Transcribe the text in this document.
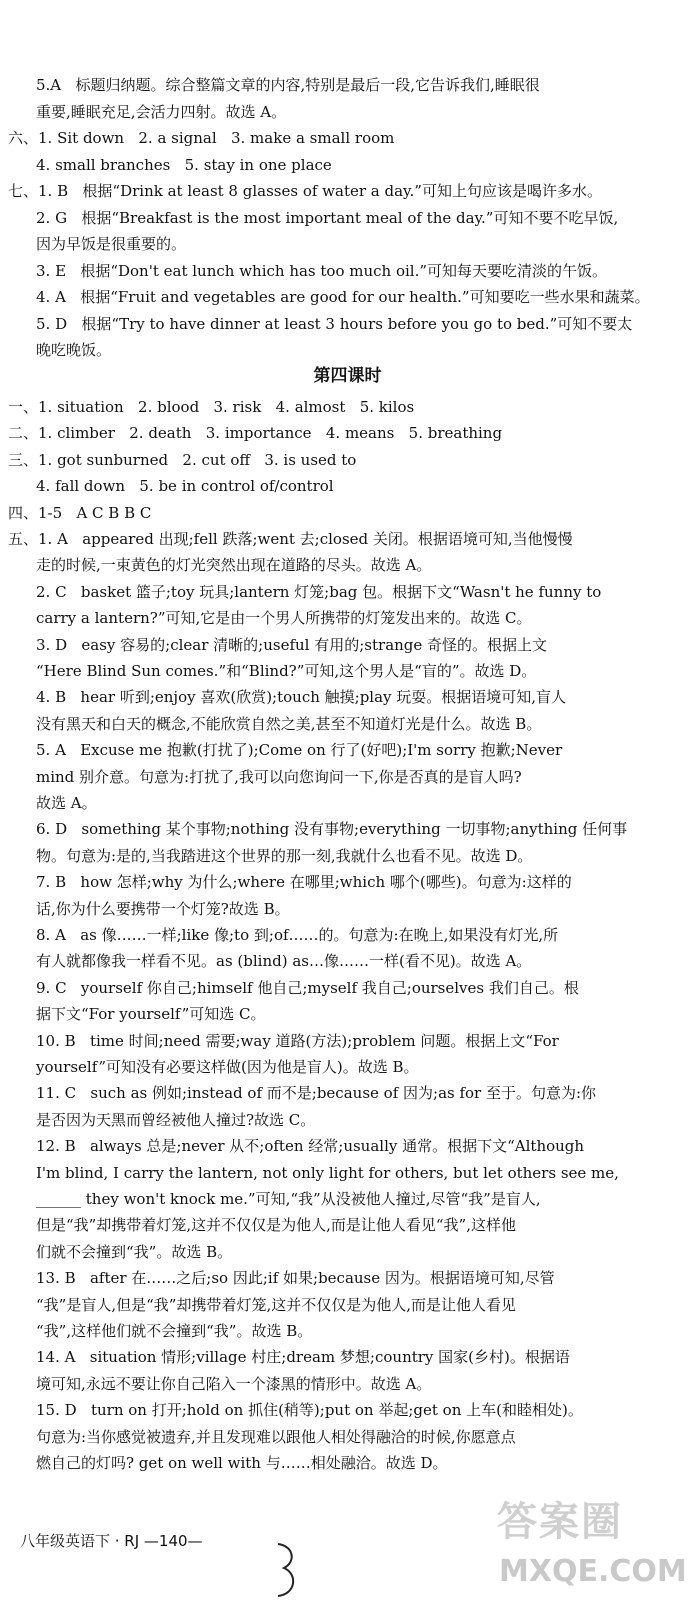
5.A   标题归纳题。综合整篇文章的内容,特别是最后一段,它告诉我们,睡眠很
重要,睡眠充足,会活力四射。故选 A。
六、1. Sit down   2. a signal   3. make a small room
4. small branches   5. stay in one place
七、1. B   根据“Drink at least 8 glasses of water a day.”可知上句应该是喝许多水。
2. G   根据“Breakfast is the most important meal of the day.”可知不要不吃早饭,
因为早饭是很重要的。
3. E   根据“Don't eat lunch which has too much oil.”可知每天要吃清淡的午饭。
4. A   根据“Fruit and vegetables are good for our health.”可知要吃一些水果和蔬菜。
5. D   根据“Try to have dinner at least 3 hours before you go to bed.”可知不要太
晚吃晚饭。
第四课时
一、1. situation   2. blood   3. risk   4. almost   5. kilos
二、1. climber   2. death   3. importance   4. means   5. breathing
三、1. got sunburned   2. cut off   3. is used to
4. fall down   5. be in control of/control
四、1-5   A C B B C
五、1. A   appeared 出现;fell 跌落;went 去;closed 关闭。根据语境可知,当他慢慢
走的时候,一束黄色的灯光突然出现在道路的尽头。故选 A。
2. C   basket 篮子;toy 玩具;lantern 灯笼;bag 包。根据下文“Wasn't he funny to
carry a lantern?”可知,它是由一个男人所携带的灯笼发出来的。故选 C。
3. D   easy 容易的;clear 清晰的;useful 有用的;strange 奇怪的。根据上文
“Here Blind Sun comes.”和“Blind?”可知,这个男人是“盲的”。故选 D。
4. B   hear 听到;enjoy 喜欢(欣赏);touch 触摸;play 玩耍。根据语境可知,盲人
没有黑天和白天的概念,不能欣赏自然之美,甚至不知道灯光是什么。故选 B。
5. A   Excuse me 抱歉(打扰了);Come on 行了(好吧);I'm sorry 抱歉;Never
mind 别介意。句意为:打扰了,我可以向您询问一下,你是否真的是盲人吗?
故选 A。
6. D   something 某个事物;nothing 没有事物;everything 一切事物;anything 任何事
物。句意为:是的,当我踏进这个世界的那一刻,我就什么也看不见。故选 D。
7. B   how 怎样;why 为什么;where 在哪里;which 哪个(哪些)。句意为:这样的
话,你为什么要携带一个灯笼?故选 B。
8. A   as 像……一样;like 像;to 到;of……的。句意为:在晚上,如果没有灯光,所
有人就都像我一样看不见。as (blind) as…像……一样(看不见)。故选 A。
9. C   yourself 你自己;himself 他自己;myself 我自己;ourselves 我们自己。根
据下文“For yourself”可知选 C。
10. B   time 时间;need 需要;way 道路(方法);problem 问题。根据上文“For
yourself”可知没有必要这样做(因为他是盲人)。故选 B。
11. C   such as 例如;instead of 而不是;because of 因为;as for 至于。句意为:你
是否因为天黑而曾经被他人撞过?故选 C。
12. B   always 总是;never 从不;often 经常;usually 通常。根据下文“Although
I'm blind, I carry the lantern, not only light for others, but let others see me,
______ they won't knock me.”可知,“我”从没被他人撞过,尽管“我”是盲人,
但是“我”却携带着灯笼,这并不仅仅是为他人,而是让他人看见“我”,这样他
们就不会撞到“我”。故选 B。
13. B   after 在……之后;so 因此;if 如果;because 因为。根据语境可知,尽管
“我”是盲人,但是“我”却携带着灯笼,这并不仅仅是为他人,而是让他人看见
“我”,这样他们就不会撞到“我”。故选 B。
14. A   situation 情形;village 村庄;dream 梦想;country 国家(乡村)。根据语
境可知,永远不要让你自己陷入一个漆黑的情形中。故选 A。
15. D   turn on 打开;hold on 抓住(稍等);put on 举起;get on 上车(和睦相处)。
句意为:当你感觉被遗弃,并且发现难以跟他人相处得融洽的时候,你愿意点
燃自己的灯吗? get on well with 与……相处融洽。故选 D。
八年级英语下 · RJ —140—	答案圈
MXQE.COM
